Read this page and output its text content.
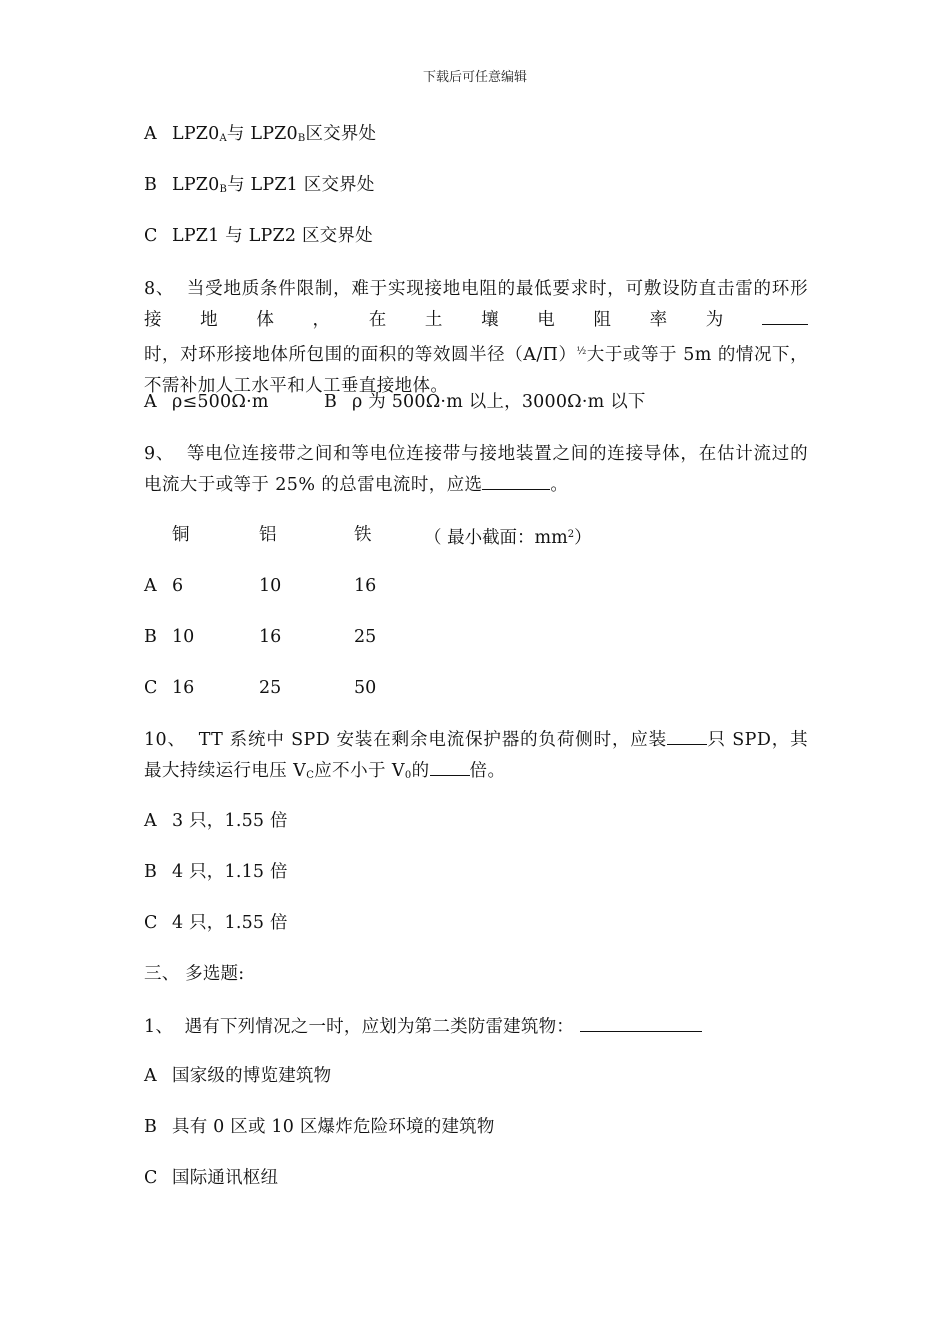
下载后可任意编辑
A $LPZ0_A$与 $LPZ0_B$区交界处
B $LPZ0_B$与 LPZ1 区交界处
C LPZ1 与 LPZ2 区交界处
8、 当受地质条件限制，难于实现接地电阻的最低要求时，可敷设防直击雷的环形接地体，在土壤电阻率为时，对环形接地体所包围的面积的等效圆半径$(A/\Pi)^{\frac{1}{2}}$大于或等于 5m 的情况下，不需补加人工水平和人工垂直接地体。
A ρ≤500Ω·m	B ρ 为 500Ω·m 以上，3000Ω·m 以下
9、 等电位连接带之间和等电位连接带与接地装置之间的连接导体，在估计流过的电流大于或等于 25% 的总雷电流时，应选	。
铜	铝	铁	（ 最小截面：$mm^2$）
A 6	10	16
B 10	16	25
C 16	25	50
10、 TT 系统中 SPD 安装在剩余电流保护器的负荷侧时，应装 只 SPD，其最大持续运行电压 $V_C$应不小于 $V_0$的 倍。
A 3 只，1.55 倍
B 4 只，1.15 倍
C 4 只，1.55 倍
三、 多选题:
1、 遇有下列情况之一时，应划为第二类防雷建筑物：
A 国家级的博览建筑物
B 具有 0 区或 10 区爆炸危险环境的建筑物
C 国际通讯枢纽
